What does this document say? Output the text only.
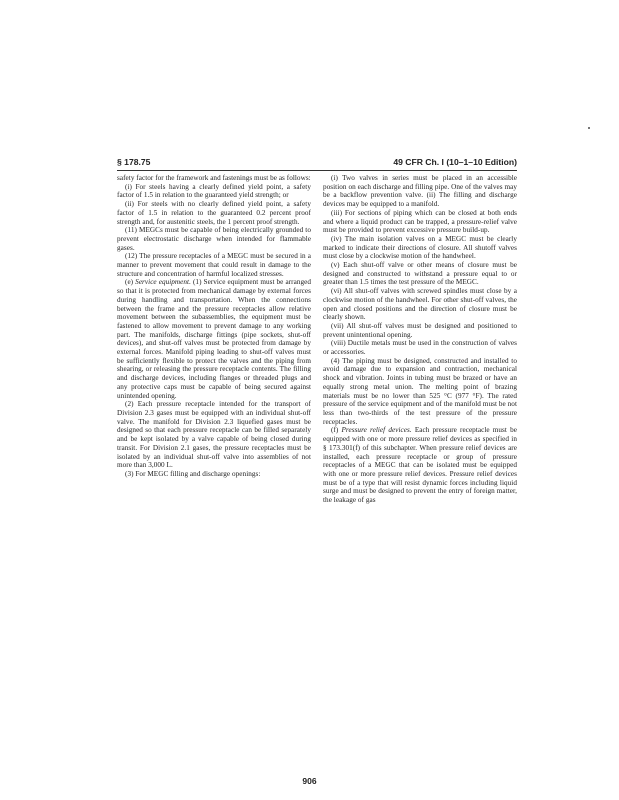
§ 178.75	49 CFR Ch. I (10–1–10 Edition)

safety factor for the framework and fastenings must be as follows:

(i) For steels having a clearly defined yield point, a safety factor of 1.5 in relation to the guaranteed yield strength; or

(ii) For steels with no clearly defined yield point, a safety factor of 1.5 in relation to the guaranteed 0.2 percent proof strength and, for austenitic steels, the 1 percent proof strength.

(11) MEGCs must be capable of being electrically grounded to prevent electrostatic discharge when intended for flammable gases.

(12) The pressure receptacles of a MEGC must be secured in a manner to prevent movement that could result in damage to the structure and concentration of harmful localized stresses.

(e) Service equipment. (1) Service equipment must be arranged so that it is protected from mechanical damage by external forces during handling and transportation. When the connections between the frame and the pressure receptacles allow relative movement between the subassemblies, the equipment must be fastened to allow movement to prevent damage to any working part. The manifolds, discharge fittings (pipe sockets, shut-off devices), and shut-off valves must be protected from damage by external forces. Manifold piping leading to shut-off valves must be sufficiently flexible to protect the valves and the piping from shearing, or releasing the pressure receptacle contents. The filling and discharge devices, including flanges or threaded plugs and any protective caps must be capable of being secured against unintended opening.

(2) Each pressure receptacle intended for the transport of Division 2.3 gases must be equipped with an individual shut-off valve. The manifold for Division 2.3 liquefied gases must be designed so that each pressure receptacle can be filled separately and be kept isolated by a valve capable of being closed during transit. For Division 2.1 gases, the pressure receptacles must be isolated by an individual shut-off valve into assemblies of not more than 3,000 L.

(3) For MEGC filling and discharge openings:

(i) Two valves in series must be placed in an accessible position on each discharge and filling pipe. One of the valves may be a backflow prevention valve. (ii) The filling and discharge devices may be equipped to a manifold.

(iii) For sections of piping which can be closed at both ends and where a liquid product can be trapped, a pressure-relief valve must be provided to prevent excessive pressure build-up.

(iv) The main isolation valves on a MEGC must be clearly marked to indicate their directions of closure. All shutoff valves must close by a clockwise motion of the handwheel.

(v) Each shut-off valve or other means of closure must be designed and constructed to withstand a pressure equal to or greater than 1.5 times the test pressure of the MEGC.

(vi) All shut-off valves with screwed spindles must close by a clockwise motion of the handwheel. For other shut-off valves, the open and closed positions and the direction of closure must be clearly shown.

(vii) All shut-off valves must be designed and positioned to prevent unintentional opening.

(viii) Ductile metals must be used in the construction of valves or accessories.

(4) The piping must be designed, constructed and installed to avoid damage due to expansion and contraction, mechanical shock and vibration. Joints in tubing must be brazed or have an equally strong metal union. The melting point of brazing materials must be no lower than 525 °C (977 °F). The rated pressure of the service equipment and of the manifold must be not less than two-thirds of the test pressure of the pressure receptacles.

(f) Pressure relief devices. Each pressure receptacle must be equipped with one or more pressure relief devices as specified in § 173.301(f) of this subchapter. When pressure relief devices are installed, each pressure receptacle or group of pressure receptacles of a MEGC that can be isolated must be equipped with one or more pressure relief devices. Pressure relief devices must be of a type that will resist dynamic forces including liquid surge and must be designed to prevent the entry of foreign matter, the leakage of gas

906
